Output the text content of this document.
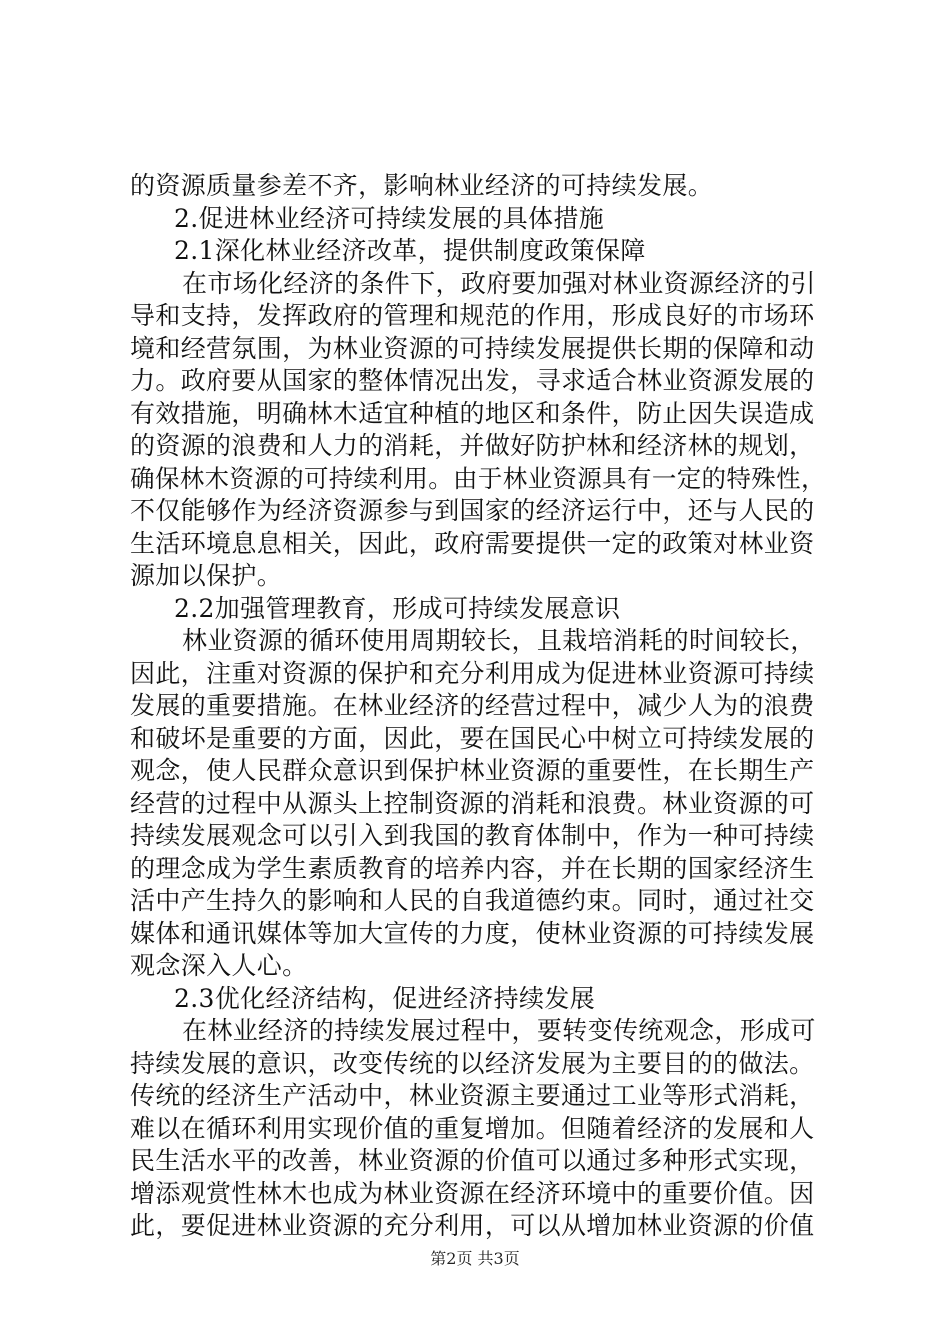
的资源质量参差不齐，影响林业经济的可持续发展。
2.促进林业经济可持续发展的具体措施
2.1深化林业经济改革，提供制度政策保障
在市场化经济的条件下，政府要加强对林业资源经济的引
导和支持，发挥政府的管理和规范的作用，形成良好的市场环
境和经营氛围，为林业资源的可持续发展提供长期的保障和动
力。政府要从国家的整体情况出发，寻求适合林业资源发展的
有效措施，明确林木适宜种植的地区和条件，防止因失误造成
的资源的浪费和人力的消耗，并做好防护林和经济林的规划，
确保林木资源的可持续利用。由于林业资源具有一定的特殊性，
不仅能够作为经济资源参与到国家的经济运行中，还与人民的
生活环境息息相关，因此，政府需要提供一定的政策对林业资
源加以保护。
2.2加强管理教育，形成可持续发展意识
林业资源的循环使用周期较长，且栽培消耗的时间较长，
因此，注重对资源的保护和充分利用成为促进林业资源可持续
发展的重要措施。在林业经济的经营过程中，减少人为的浪费
和破坏是重要的方面，因此，要在国民心中树立可持续发展的
观念，使人民群众意识到保护林业资源的重要性，在长期生产
经营的过程中从源头上控制资源的消耗和浪费。林业资源的可
持续发展观念可以引入到我国的教育体制中，作为一种可持续
的理念成为学生素质教育的培养内容，并在长期的国家经济生
活中产生持久的影响和人民的自我道德约束。同时，通过社交
媒体和通讯媒体等加大宣传的力度，使林业资源的可持续发展
观念深入人心。
2.3优化经济结构，促进经济持续发展
在林业经济的持续发展过程中，要转变传统观念，形成可
持续发展的意识，改变传统的以经济发展为主要目的的做法。
传统的经济生产活动中，林业资源主要通过工业等形式消耗，
难以在循环利用实现价值的重复增加。但随着经济的发展和人
民生活水平的改善，林业资源的价值可以通过多种形式实现，
增添观赏性林木也成为林业资源在经济环境中的重要价值。因
此，要促进林业资源的充分利用，可以从增加林业资源的价值
第2页 共3页
